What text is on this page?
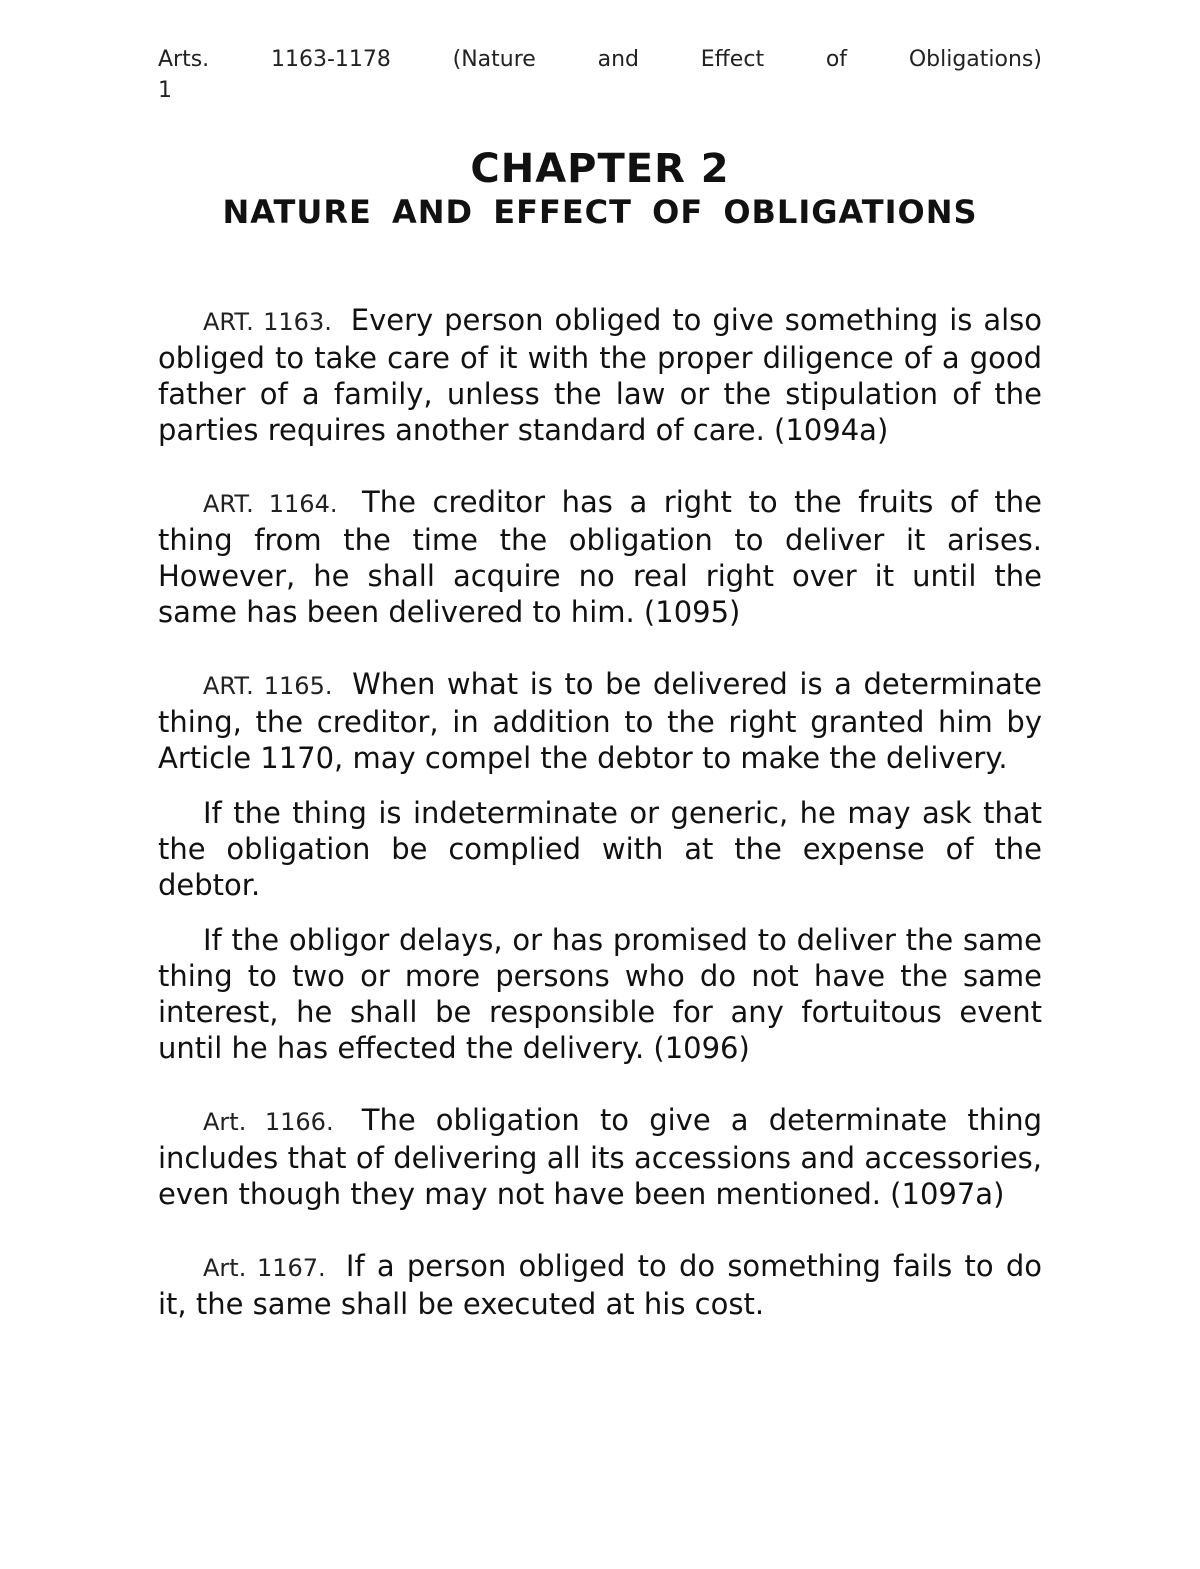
Arts.	1163-1178	(Nature	and	Effect	of	Obligations)
1
CHAPTER 2
NATURE AND EFFECT OF OBLIGATIONS

ART. 1163. Every person obliged to give something is also obliged to take care of it with the proper diligence of a good father of a family, unless the law or the stipulation of the parties requires another standard of care. (1094a)

ART. 1164. The creditor has a right to the fruits of the thing from the time the obligation to deliver it arises. However, he shall acquire no real right over it until the same has been delivered to him. (1095)

ART. 1165. When what is to be delivered is a determinate thing, the creditor, in addition to the right granted him by Article 1170, may compel the debtor to make the delivery.

If the thing is indeterminate or generic, he may ask that the obligation be complied with at the expense of the debtor.

If the obligor delays, or has promised to deliver the same thing to two or more persons who do not have the same interest, he shall be responsible for any fortuitous event until he has effected the delivery. (1096)

Art. 1166. The obligation to give a determinate thing includes that of delivering all its accessions and accessories, even though they may not have been mentioned. (1097a)

Art. 1167. If a person obliged to do something fails to do it, the same shall be executed at his cost.
